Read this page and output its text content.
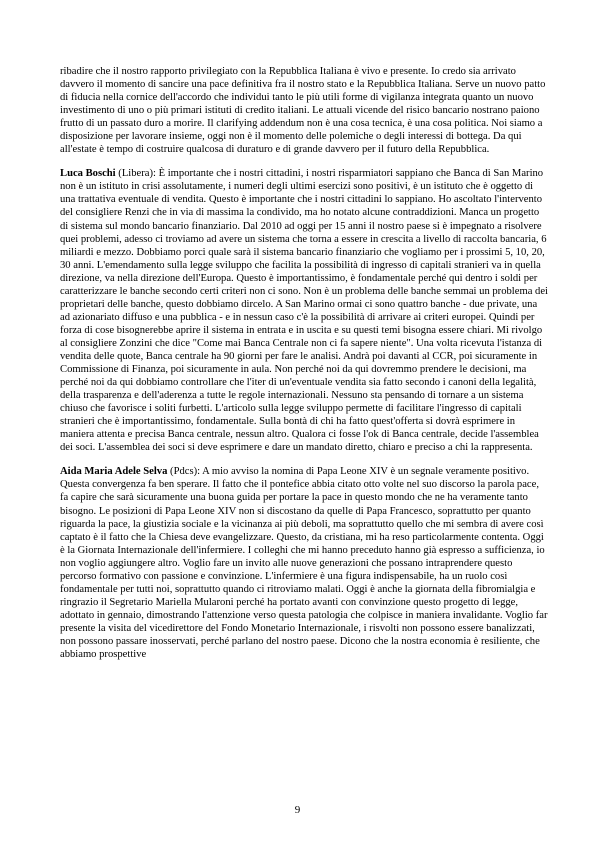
ribadire che il nostro rapporto privilegiato con la Repubblica Italiana è vivo e presente. Io credo sia arrivato davvero il momento di sancire una pace definitiva fra il nostro stato e la Repubblica Italiana. Serve un nuovo patto di fiducia nella cornice dell'accordo che individui tanto le più utili forme di vigilanza integrata quanto un nuovo investimento di uno o più primari istituti di credito italiani. Le attuali vicende del risico bancario nostrano paiono frutto di un passato duro a morire. Il clarifying addendum non è una cosa tecnica, è una cosa politica. Noi siamo a disposizione per lavorare insieme, oggi non è il momento delle polemiche o degli interessi di bottega. Da qui all'estate è tempo di costruire qualcosa di duraturo e di grande davvero per il futuro della Repubblica.

Luca Boschi (Libera): È importante che i nostri cittadini, i nostri risparmiatori sappiano che Banca di San Marino non è un istituto in crisi assolutamente, i numeri degli ultimi esercizi sono positivi, è un istituto che è oggetto di una trattativa eventuale di vendita. Questo è importante che i nostri cittadini lo sappiano. Ho ascoltato l'intervento del consigliere Renzi che in via di massima la condivido, ma ho notato alcune contraddizioni. Manca un progetto di sistema sul mondo bancario finanziario. Dal 2010 ad oggi per 15 anni il nostro paese si è impegnato a risolvere quei problemi, adesso ci troviamo ad avere un sistema che torna a essere in crescita a livello di raccolta bancaria, 6 miliardi e mezzo. Dobbiamo porci quale sarà il sistema bancario finanziario che vogliamo per i prossimi 5, 10, 20, 30 anni. L'emendamento sulla legge sviluppo che facilita la possibilità di ingresso di capitali stranieri va in quella direzione, va nella direzione dell'Europa. Questo è importantissimo, è fondamentale perché qui dentro i soldi per caratterizzare le banche secondo certi criteri non ci sono. Non è un problema delle banche semmai un problema dei proprietari delle banche, questo dobbiamo dircelo. A San Marino ormai ci sono quattro banche - due private, una ad azionariato diffuso e una pubblica - e in nessun caso c'è la possibilità di arrivare ai criteri europei. Quindi per forza di cose bisognerebbe aprire il sistema in entrata e in uscita e su questi temi bisogna essere chiari. Mi rivolgo al consigliere Zonzini che dice "Come mai Banca Centrale non ci fa sapere niente". Una volta ricevuta l'istanza di vendita delle quote, Banca centrale ha 90 giorni per fare le analisi. Andrà poi davanti al CCR, poi sicuramente in Commissione di Finanza, poi sicuramente in aula. Non perché noi da qui dovremmo prendere le decisioni, ma perché noi da qui dobbiamo controllare che l'iter di un'eventuale vendita sia fatto secondo i canoni della legalità, della trasparenza e dell'aderenza a tutte le regole internazionali. Nessuno sta pensando di tornare a un sistema chiuso che favorisce i soliti furbetti. L'articolo sulla legge sviluppo permette di facilitare l'ingresso di capitali stranieri che è importantissimo, fondamentale. Sulla bontà di chi ha fatto quest'offerta si dovrà esprimere in maniera attenta e precisa Banca centrale, nessun altro. Qualora ci fosse l'ok di Banca centrale, decide l'assemblea dei soci. L'assemblea dei soci si deve esprimere e dare un mandato diretto, chiaro e preciso a chi la rappresenta.

Aida Maria Adele Selva (Pdcs): A mio avviso la nomina di Papa Leone XIV è un segnale veramente positivo. Questa convergenza fa ben sperare. Il fatto che il pontefice abbia citato otto volte nel suo discorso la parola pace, fa capire che sarà sicuramente una buona guida per portare la pace in questo mondo che ne ha veramente tanto bisogno. Le posizioni di Papa Leone XIV non si discostano da quelle di Papa Francesco, soprattutto per quanto riguarda la pace, la giustizia sociale e la vicinanza ai più deboli, ma soprattutto quello che mi sembra di avere così captato è il fatto che la Chiesa deve evangelizzare. Questo, da cristiana, mi ha reso particolarmente contenta. Oggi è la Giornata Internazionale dell'infermiere. I colleghi che mi hanno preceduto hanno già espresso a sufficienza, io non voglio aggiungere altro. Voglio fare un invito alle nuove generazioni che possano intraprendere questo percorso formativo con passione e convinzione. L'infermiere è una figura indispensabile, ha un ruolo così fondamentale per tutti noi, soprattutto quando ci ritroviamo malati. Oggi è anche la giornata della fibromialgia e ringrazio il Segretario Mariella Mularoni perché ha portato avanti con convinzione questo progetto di legge, adottato in gennaio, dimostrando l'attenzione verso questa patologia che colpisce in maniera invalidante. Voglio far presente la visita del vicedirettore del Fondo Monetario Internazionale, i risvolti non possono essere banalizzati, non possono passare inosservati, perché parlano del nostro paese. Dicono che la nostra economia è resiliente, che abbiamo prospettive

9
